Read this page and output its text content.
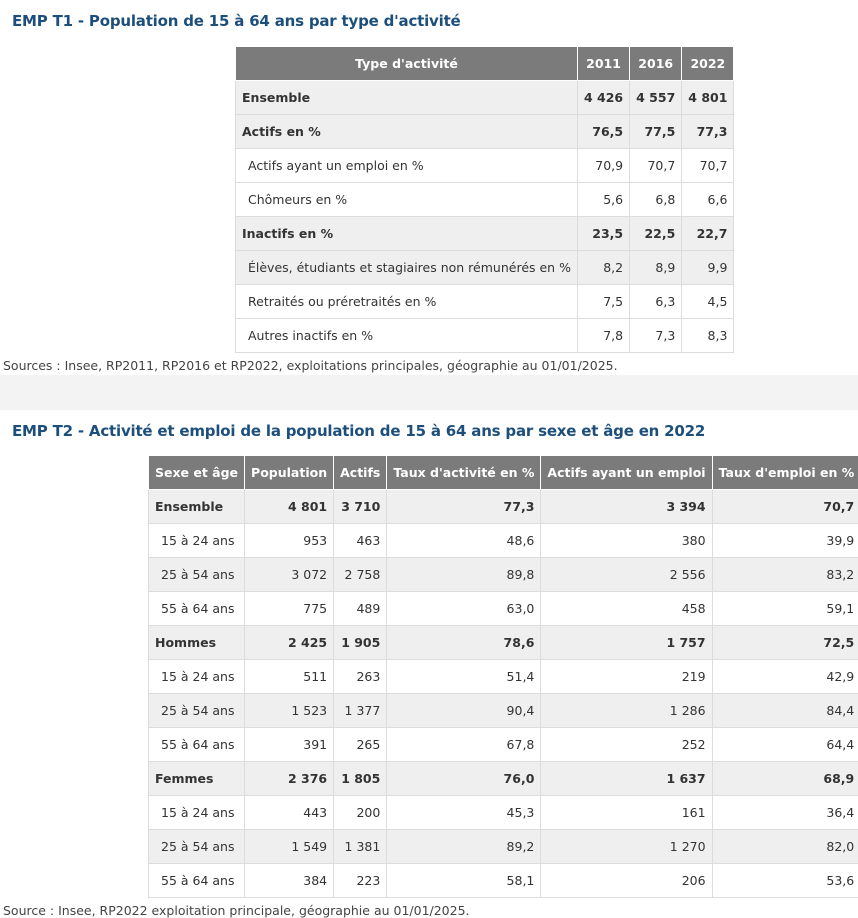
EMP T1 - Population de 15 à 64 ans par type d'activité
Type d'activité	2011	2016	2022
Ensemble	4 426	4 557	4 801
Actifs en %	76,5	77,5	77,3
Actifs ayant un emploi en %	70,9	70,7	70,7
Chômeurs en %	5,6	6,8	6,6
Inactifs en %	23,5	22,5	22,7
Élèves, étudiants et stagiaires non rémunérés en %	8,2	8,9	9,9
Retraités ou préretraités en %	7,5	6,3	4,5
Autres inactifs en %	7,8	7,3	8,3
Sources : Insee, RP2011, RP2016 et RP2022, exploitations principales, géographie au 01/01/2025.
EMP T2 - Activité et emploi de la population de 15 à 64 ans par sexe et âge en 2022
Sexe et âge	Population	Actifs	Taux d'activité en %	Actifs ayant un emploi	Taux d'emploi en %
Ensemble	4 801	3 710	77,3	3 394	70,7
15 à 24 ans	953	463	48,6	380	39,9
25 à 54 ans	3 072	2 758	89,8	2 556	83,2
55 à 64 ans	775	489	63,0	458	59,1
Hommes	2 425	1 905	78,6	1 757	72,5
15 à 24 ans	511	263	51,4	219	42,9
25 à 54 ans	1 523	1 377	90,4	1 286	84,4
55 à 64 ans	391	265	67,8	252	64,4
Femmes	2 376	1 805	76,0	1 637	68,9
15 à 24 ans	443	200	45,3	161	36,4
25 à 54 ans	1 549	1 381	89,2	1 270	82,0
55 à 64 ans	384	223	58,1	206	53,6
Source : Insee, RP2022 exploitation principale, géographie au 01/01/2025.
